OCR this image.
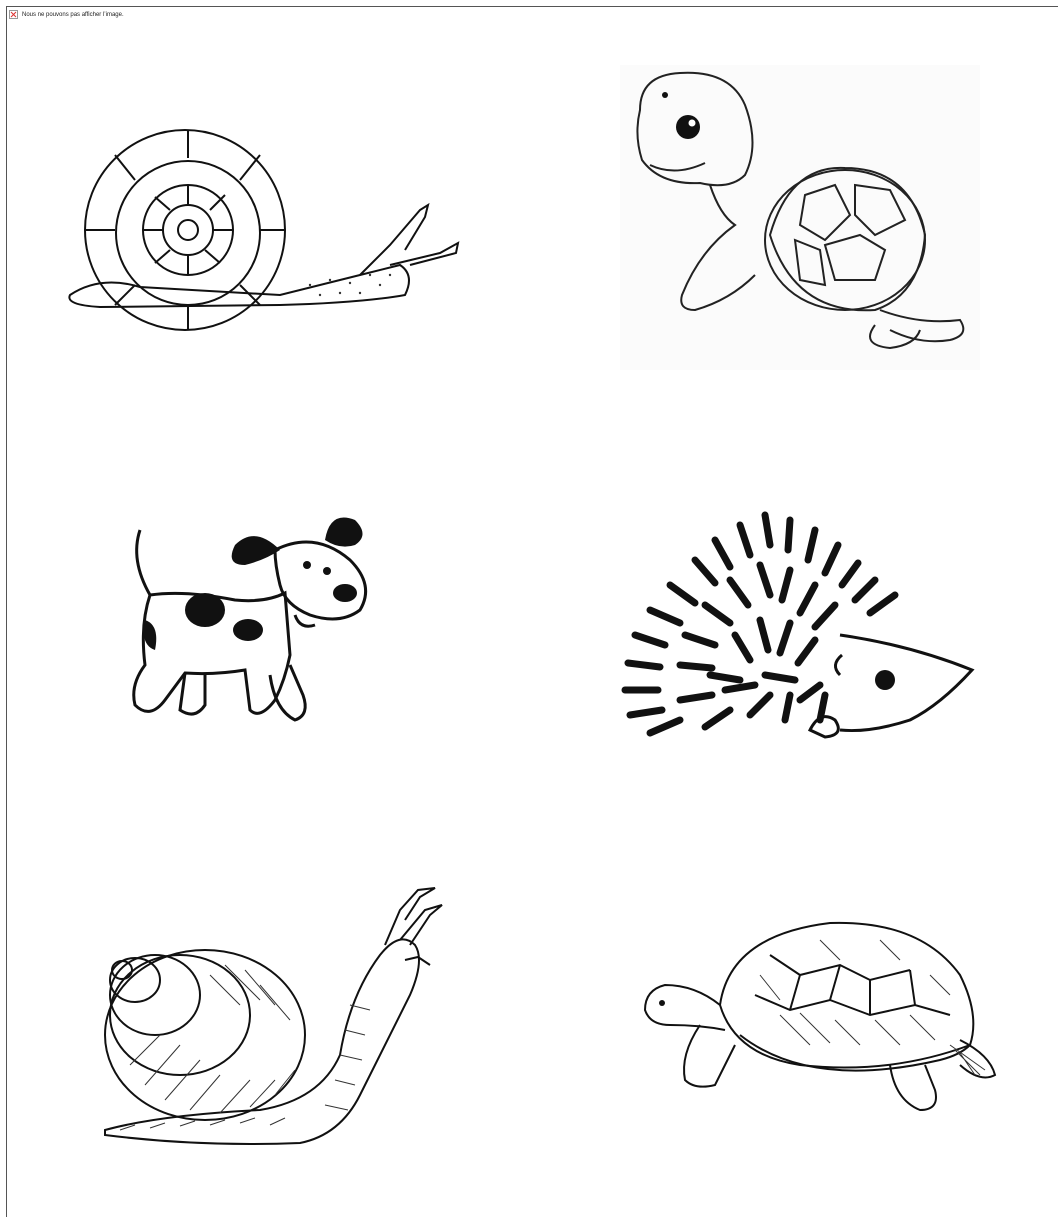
Nous ne pouvons pas afficher l’image.
